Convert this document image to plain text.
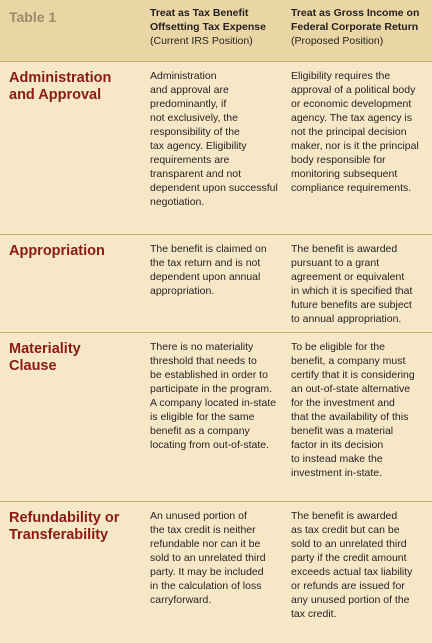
Table 1	Treat as Tax Benefit
Offsetting Tax Expense
(Current IRS Position)
Treat as Gross Income on
Federal Corporate Return
(Proposed Position)
Administration
and Approval
Administration
and approval are
predominantly, if
not exclusively, the
responsibility of the
tax agency. Eligibility
requirements are
transparent and not
dependent upon successful
negotiation.
Eligibility requires the
approval of a political body
or economic development
agency. The tax agency is
not the principal decision
maker, nor is it the principal
body responsible for
monitoring subsequent
compliance requirements.
Appropriation	The benefit is claimed on
the tax return and is not
dependent upon annual
appropriation.
The benefit is awarded
pursuant to a grant
agreement or equivalent
in which it is specified that
future benefits are subject
to annual appropriation.
Materiality
Clause
There is no materiality
threshold that needs to
be established in order to
participate in the program.
A company located in-state
is eligible for the same
benefit as a company
locating from out-of-state.
To be eligible for the
benefit, a company must
certify that it is considering
an out-of-state alternative
for the investment and
that the availability of this
benefit was a material
factor in its decision
to instead make the
investment in-state.
Refundability or
Transferability
An unused portion of
the tax credit is neither
refundable nor can it be
sold to an unrelated third
party. It may be included
in the calculation of loss
carryforward.
The benefit is awarded
as tax credit but can be
sold to an unrelated third
party if the credit amount
exceeds actual tax liability
or refunds are issued for
any unused portion of the
tax credit.
